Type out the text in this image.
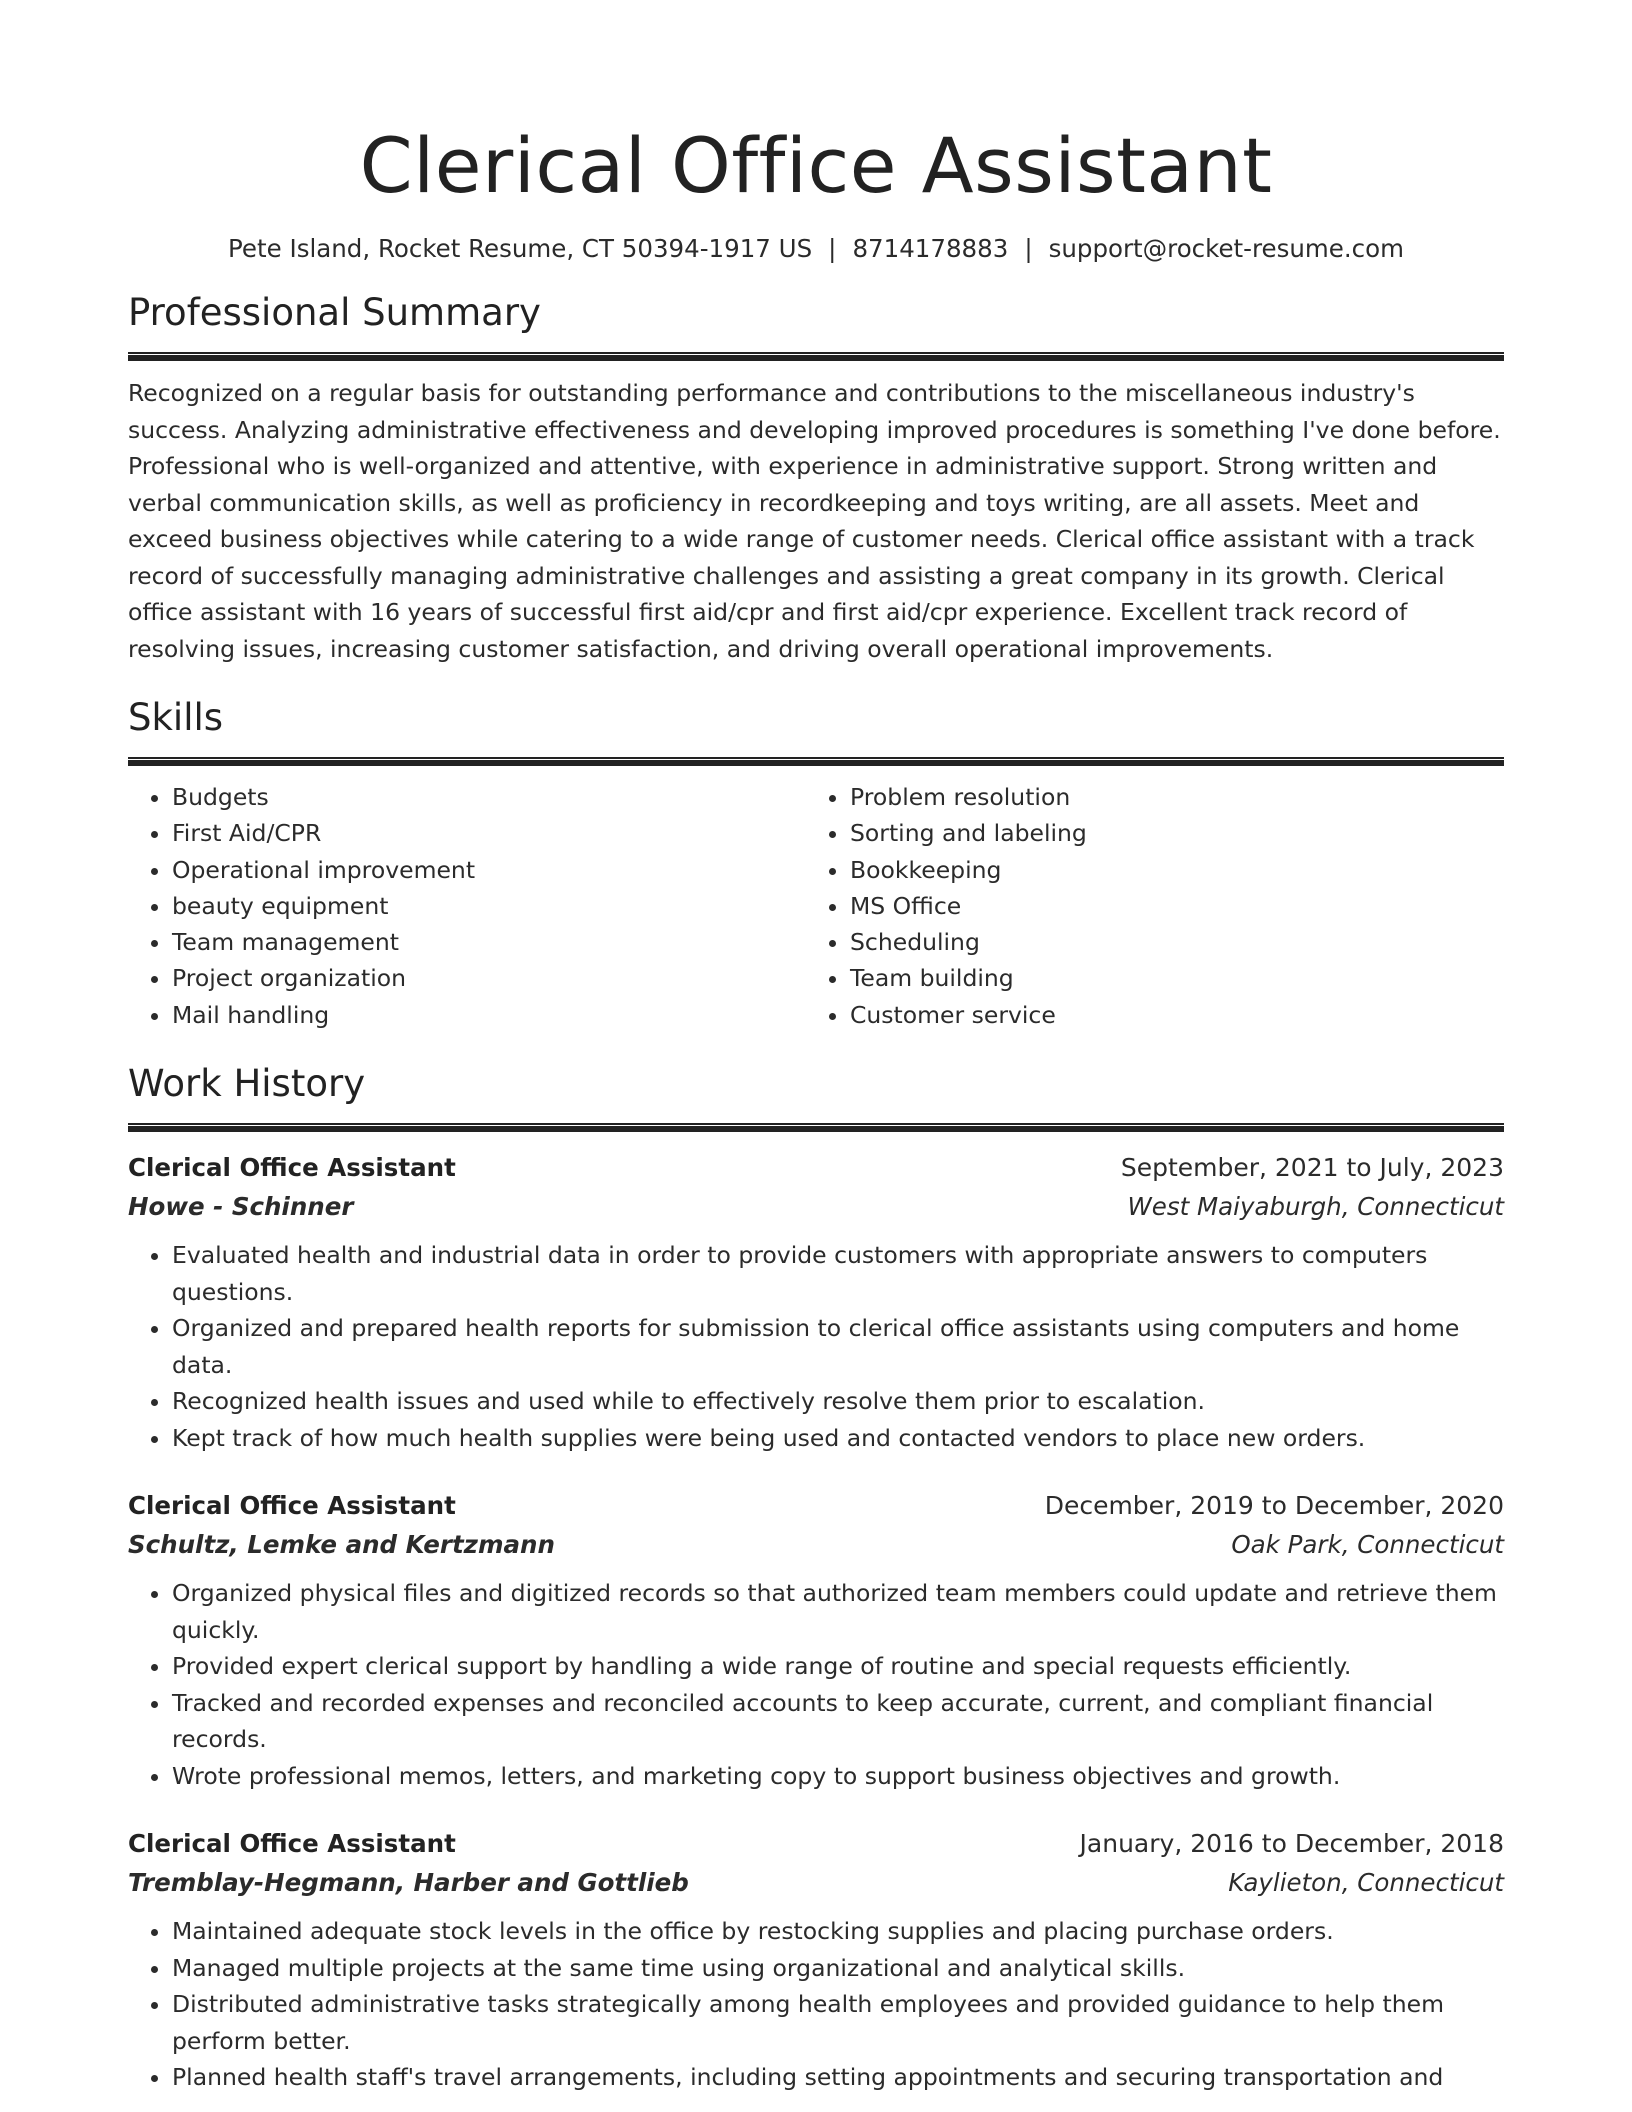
Clerical Office Assistant
Pete Island, Rocket Resume, CT 50394-1917 US | 8714178883 | support@rocket-resume.com
Professional Summary

Recognized on a regular basis for outstanding performance and contributions to the miscellaneous industry's success. Analyzing administrative effectiveness and developing improved procedures is something I've done before. Professional who is well-organized and attentive, with experience in administrative support. Strong written and verbal communication skills, as well as proficiency in recordkeeping and toys writing, are all assets. Meet and exceed business objectives while catering to a wide range of customer needs. Clerical office assistant with a track record of successfully managing administrative challenges and assisting a great company in its growth. Clerical office assistant with 16 years of successful first aid/cpr and first aid/cpr experience. Excellent track record of resolving issues, increasing customer satisfaction, and driving overall operational improvements.

Skills
• Budgets
• First Aid/CPR
• Operational improvement
• beauty equipment
• Team management
• Project organization
• Mail handling
• Problem resolution
• Sorting and labeling
• Bookkeeping
• MS Office
• Scheduling
• Team building
• Customer service
Work History
Clerical Office Assistant	September, 2021 to July, 2023
Howe - Schinner	West Maiyaburgh, Connecticut
• Evaluated health and industrial data in order to provide customers with appropriate answers to computers questions.
• Organized and prepared health reports for submission to clerical office assistants using computers and home data.
• Recognized health issues and used while to effectively resolve them prior to escalation.
• Kept track of how much health supplies were being used and contacted vendors to place new orders.
Clerical Office Assistant	December, 2019 to December, 2020
Schultz, Lemke and Kertzmann	Oak Park, Connecticut
• Organized physical files and digitized records so that authorized team members could update and retrieve them quickly.
• Provided expert clerical support by handling a wide range of routine and special requests efficiently.
• Tracked and recorded expenses and reconciled accounts to keep accurate, current, and compliant financial records.
• Wrote professional memos, letters, and marketing copy to support business objectives and growth.
Clerical Office Assistant	January, 2016 to December, 2018
Tremblay-Hegmann, Harber and Gottlieb	Kaylieton, Connecticut
• Maintained adequate stock levels in the office by restocking supplies and placing purchase orders.
• Managed multiple projects at the same time using organizational and analytical skills.
• Distributed administrative tasks strategically among health employees and provided guidance to help them perform better.
• Planned health staff's travel arrangements, including setting appointments and securing transportation and
